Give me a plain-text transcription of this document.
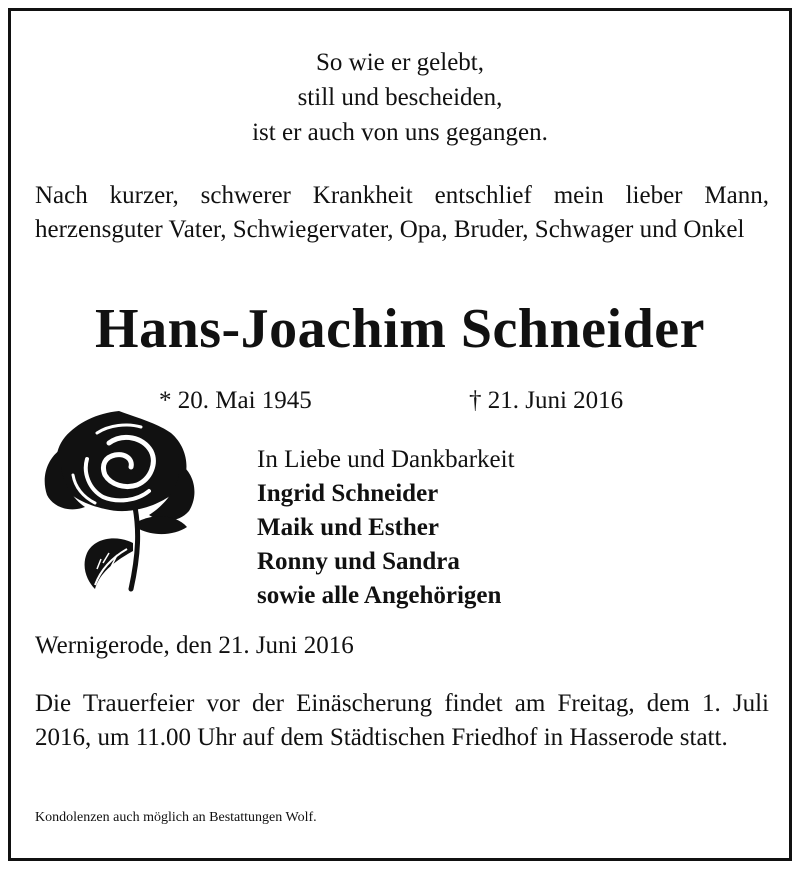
So wie er gelebt,
still und bescheiden,
ist er auch von uns gegangen.
Nach kurzer, schwerer Krankheit entschlief mein lieber Mann, herzensguter Vater, Schwiegervater, Opa, Bruder, Schwager und Onkel
Hans-Joachim Schneider
* 20. Mai 1945	† 21. Juni 2016
In Liebe und Dankbarkeit
Ingrid Schneider
Maik und Esther
Ronny und Sandra
sowie alle Angehörigen
Wernigerode, den 21. Juni 2016
Die Trauerfeier vor der Einäscherung findet am Freitag, dem 1. Juli 2016, um 11.00 Uhr auf dem Städtischen Friedhof in Hasserode statt.
Kondolenzen auch möglich an Bestattungen Wolf.
